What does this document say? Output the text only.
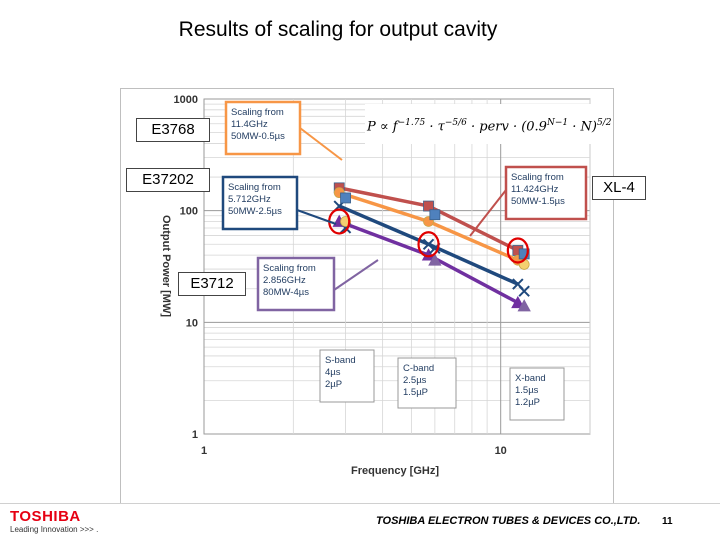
Results of scaling for output cavity
1
10
100
1000
1	10
Frequency [GHz]
Output Power [MW]
Scaling from
11.4GHz
50MW-0.5µs
Scaling from
5.712GHz
50MW-2.5µs
Scaling from
2.856GHz
80MW-4µs
Scaling from
11.424GHz
50MW-1.5µs
S-band
4µs
2µP
C-band
2.5µs
1.5µP
X-band
1.5µs
1.2µP
$P \propto f^{-1.75} \cdot \tau^{-5/6}$ · perv · $(0.9^{N-1} \cdot N)^{5/2}$
E3768
E37202	XL-4
E3712
TOSHIBA
Leading Innovation >>> .
TOSHIBA ELECTRON TUBES & DEVICES CO.,LTD. 11
